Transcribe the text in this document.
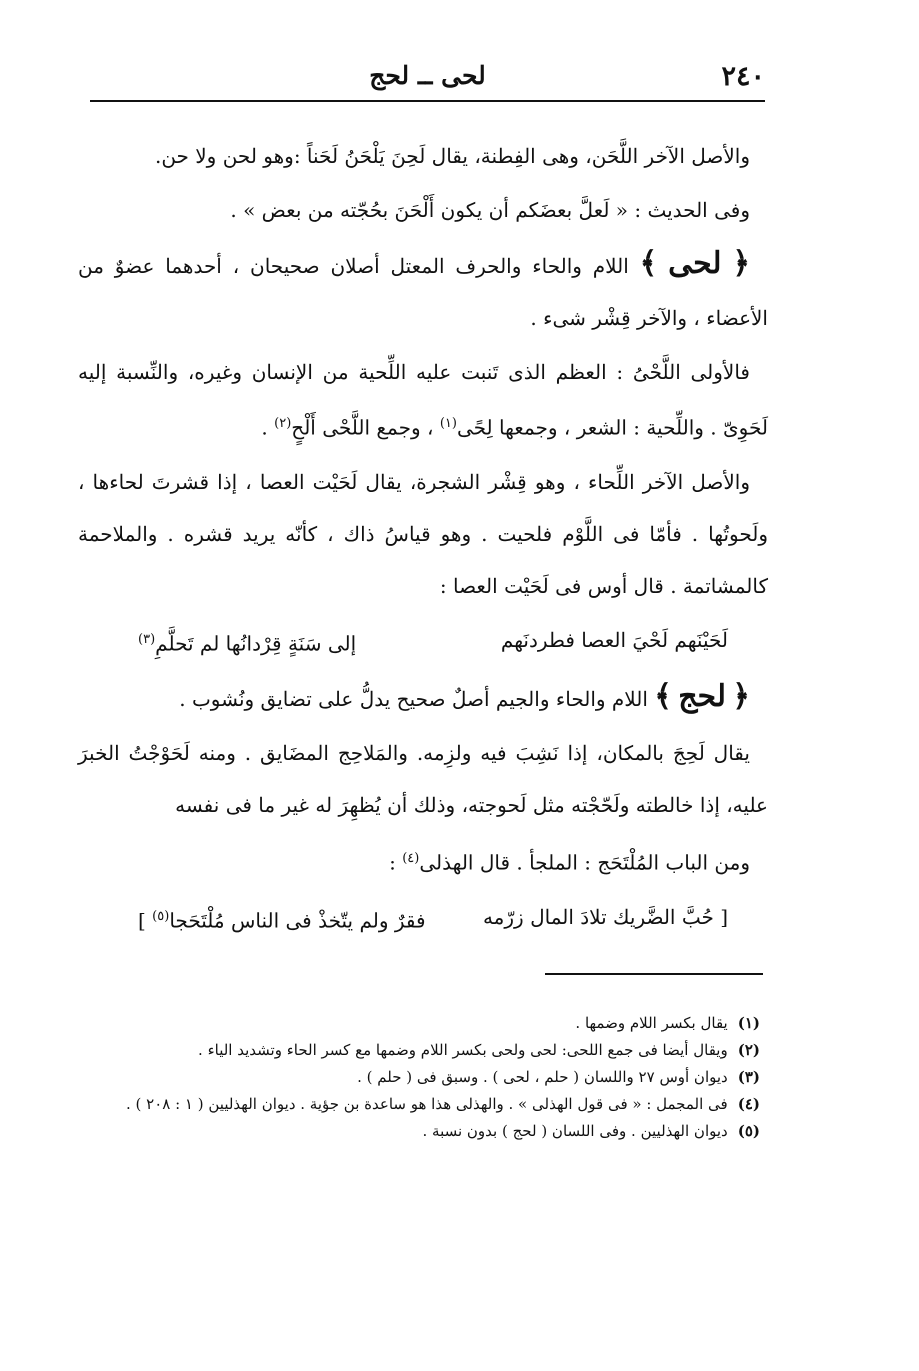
٢٤٠
لحى ــ لحج

والأصل الآخر اللَّحَن، وهى الفِطنة، يقال لَحِنَ يَلْحَنُ لَحَناً :وهو لحن ولا حن.

وفى الحديث : « لَعلَّ بعضَكم أن يكون أَلْحَنَ بحُجّته من بعض » .

﴿ لحى ﴾ اللام والحاء والحرف المعتل أصلان صحيحان ، أحدهما عضوٌ من الأعضاء ، والآخر قِشْر شىء .

فالأولى اللَّحْىُ : العظم الذى تَنبت عليه اللِّحية من الإنسان وغيره، والنِّسبة إليه لَحَوِىّ . واللِّحية : الشعر ، وجمعها لِحًى$^{(١)}$ ، وجمع اللَّحْى أَلْحٍ$^{(٢)}$ .

والأصل الآخر اللِّحاء ، وهو قِشْر الشجرة، يقال لَحَيْت العصا ، إذا قشرتَ لحاءها ، ولَحوتُها . فأمّا فى اللَّوْم فلحيت . وهو قياسُ ذاك ، كأنّه يريد قشره . والملاحمة كالمشاتمة . قال أوس فى لَحَيْت العصا :

لَحَيْنَهم لَحْيَ العصا فطردنَهم
إلى سَنَةٍ قِرْدانُها لم تَحلَّمِ$^{(٣)}$

﴿ لحج ﴾ اللام والحاء والجيم أصلٌ صحيح يدلُّ على تضايق ونُشوب .

يقال لَحِجَ بالمكان، إذا نَشِبَ فيه ولزِمه. والمَلاحِج المضَايق . ومنه لَحَوْجْتُ الخبرَ عليه، إذا خالطته ولَحّجْته مثل لَحوجته، وذلك أن يُظهِرَ له غير ما فى نفسه

ومن الباب المُلْتَحَج : الملجأ . قال الهذلى$^{(٤)}$ :

[ حُبَّ الضَّريك تلادَ المال زرّمه
فقرٌ ولم يتّخذْ فى الناس مُلْتَحَجا$^{(٥)}$ ]

(١)يقال بكسر اللام وضمها .

(٢)ويقال أيضا فى جمع اللحى: لحى ولحى بكسر اللام وضمها مع كسر الحاء وتشديد الياء .

(٣)ديوان أوس ٢٧ واللسان ( حلم ، لحى ) . وسبق فى ( حلم ) .

(٤)فى المجمل : « فى قول الهذلى » . والهذلى هذا هو ساعدة بن جؤية . ديوان الهذليين ( ١ : ٢٠٨ ) .

(٥)ديوان الهذليين . وفى اللسان ( لحج ) بدون نسبة .
